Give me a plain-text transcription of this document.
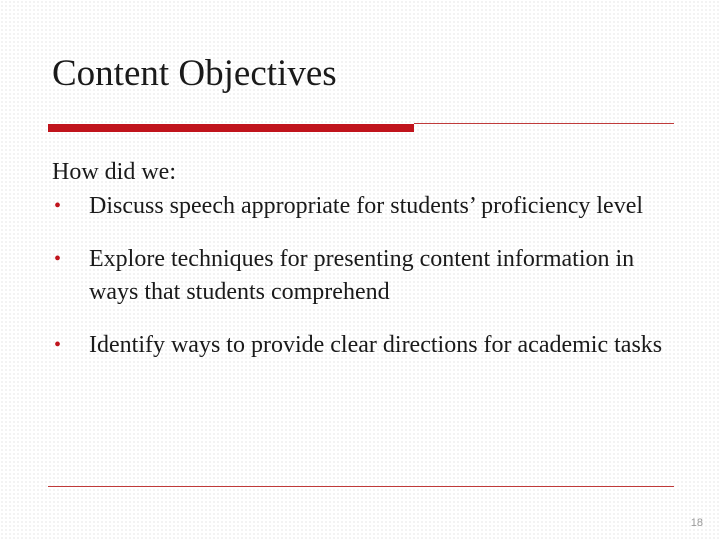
Content Objectives

How did we:

• Discuss speech appropriate for students’ proficiency level
• Explore techniques for presenting content information in ways that students comprehend
• Identify ways to provide clear directions for academic tasks
18
